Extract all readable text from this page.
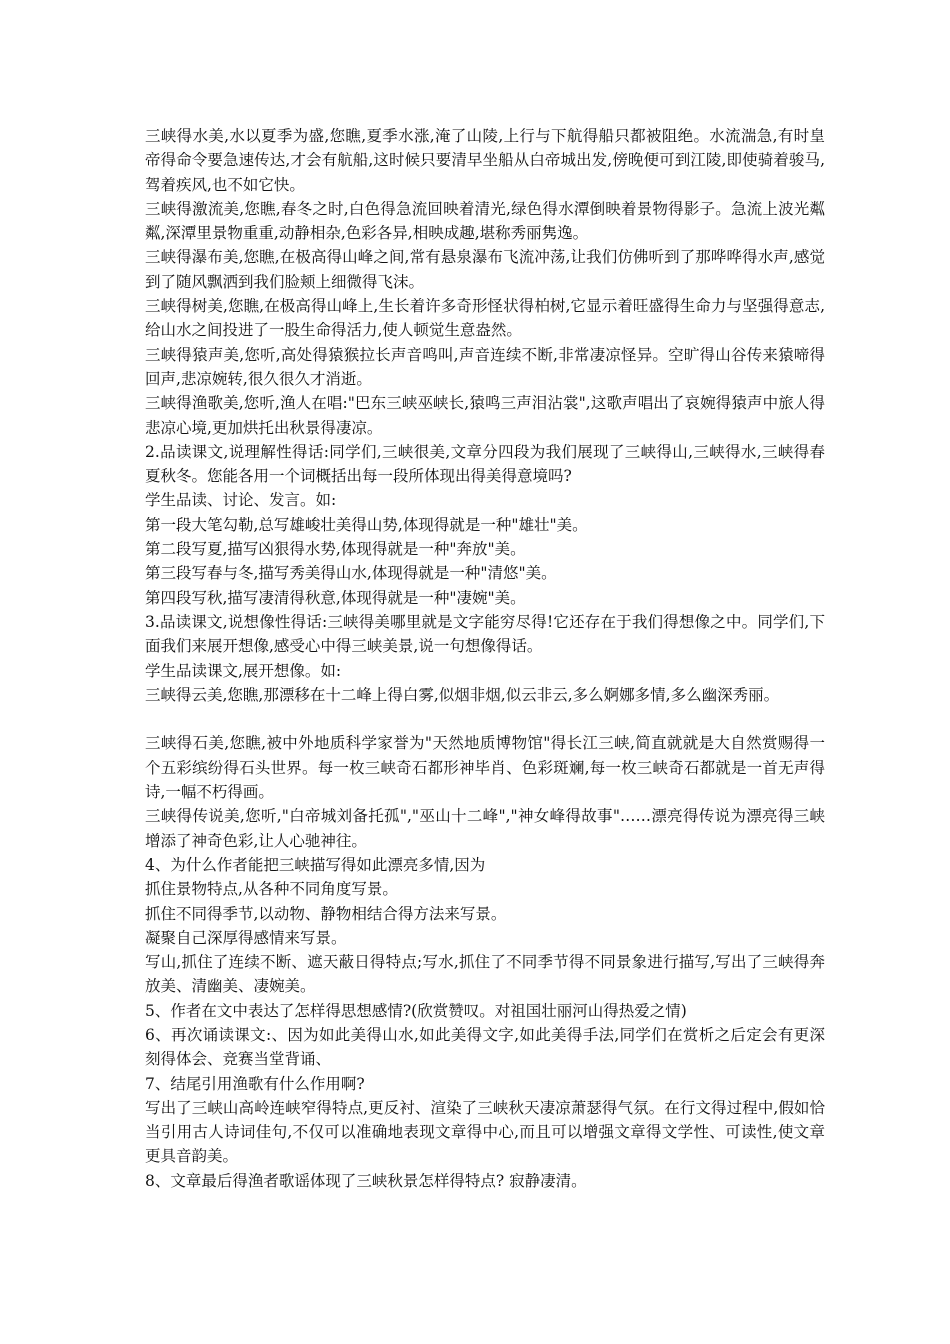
三峡得水美,水以夏季为盛,您瞧,夏季水涨,淹了山陵,上行与下航得船只都被阻绝。水流湍急,有时皇帝得命令要急速传达,才会有航船,这时候只要清早坐船从白帝城出发,傍晚便可到江陵,即使骑着骏马,驾着疾风,也不如它快。

三峡得激流美,您瞧,春冬之时,白色得急流回映着清光,绿色得水潭倒映着景物得影子。急流上波光粼粼,深潭里景物重重,动静相杂,色彩各异,相映成趣,堪称秀丽隽逸。

三峡得瀑布美,您瞧,在极高得山峰之间,常有悬泉瀑布飞流冲荡,让我们仿佛听到了那哗哗得水声,感觉到了随风飘洒到我们脸颊上细微得飞沫。

三峡得树美,您瞧,在极高得山峰上,生长着许多奇形怪状得柏树,它显示着旺盛得生命力与坚强得意志,给山水之间投进了一股生命得活力,使人顿觉生意盎然。

三峡得猿声美,您听,高处得猿猴拉长声音鸣叫,声音连续不断,非常凄凉怪异。空旷得山谷传来猿啼得回声,悲凉婉转,很久很久才消逝。

三峡得渔歌美,您听,渔人在唱:"巴东三峡巫峡长,猿鸣三声泪沾裳",这歌声唱出了哀婉得猿声中旅人得悲凉心境,更加烘托出秋景得凄凉。

2.品读课文,说理解性得话:同学们,三峡很美,文章分四段为我们展现了三峡得山,三峡得水,三峡得春夏秋冬。您能各用一个词概括出每一段所体现出得美得意境吗?

学生品读、讨论、发言。如:

第一段大笔勾勒,总写雄峻壮美得山势,体现得就是一种"雄壮"美。

第二段写夏,描写凶狠得水势,体现得就是一种"奔放"美。

第三段写春与冬,描写秀美得山水,体现得就是一种"清悠"美。

第四段写秋,描写凄清得秋意,体现得就是一种"凄婉"美。

3.品读课文,说想像性得话:三峡得美哪里就是文字能穷尽得!它还存在于我们得想像之中。同学们,下面我们来展开想像,感受心中得三峡美景,说一句想像得话。

学生品读课文,展开想像。如:

三峡得云美,您瞧,那漂移在十二峰上得白雾,似烟非烟,似云非云,多么婀娜多情,多么幽深秀丽。

三峡得石美,您瞧,被中外地质科学家誉为"天然地质博物馆"得长江三峡,简直就就是大自然赏赐得一个五彩缤纷得石头世界。每一枚三峡奇石都形神毕肖、色彩斑斓,每一枚三峡奇石都就是一首无声得诗,一幅不朽得画。

三峡得传说美,您听,"白帝城刘备托孤","巫山十二峰","神女峰得故事"……漂亮得传说为漂亮得三峡增添了神奇色彩,让人心驰神往。

4、为什么作者能把三峡描写得如此漂亮多情,因为

抓住景物特点,从各种不同角度写景。

抓住不同得季节,以动物、静物相结合得方法来写景。

凝聚自己深厚得感情来写景。

写山,抓住了连续不断、遮天蔽日得特点;写水,抓住了不同季节得不同景象进行描写,写出了三峡得奔放美、清幽美、凄婉美。

5、作者在文中表达了怎样得思想感情?(欣赏赞叹。对祖国壮丽河山得热爱之情)

6、再次诵读课文:、因为如此美得山水,如此美得文字,如此美得手法,同学们在赏析之后定会有更深刻得体会、竞赛当堂背诵、

7、结尾引用渔歌有什么作用啊?

写出了三峡山高岭连峡窄得特点,更反衬、渲染了三峡秋天凄凉萧瑟得气氛。在行文得过程中,假如恰当引用古人诗词佳句,不仅可以准确地表现文章得中心,而且可以增强文章得文学性、可读性,使文章更具音韵美。

8、文章最后得渔者歌谣体现了三峡秋景怎样得特点? 寂静凄清。
